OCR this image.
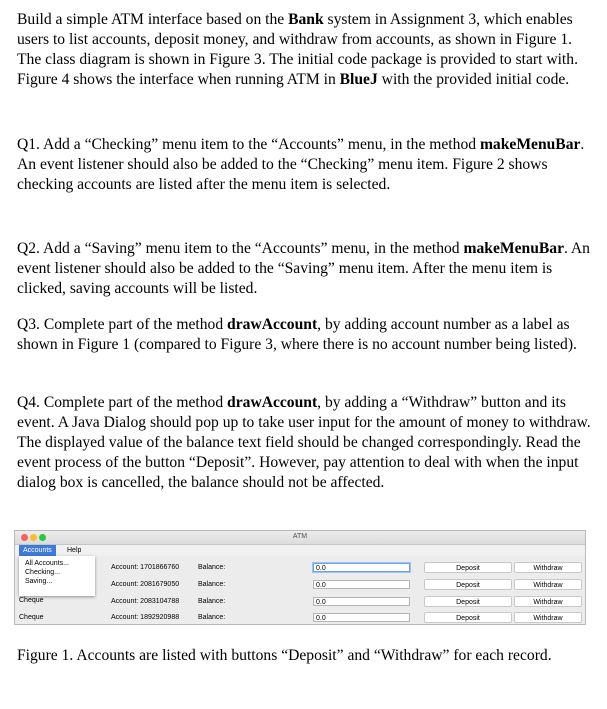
Build a simple ATM interface based on the Bank system in Assignment 3, which enables users to list accounts, deposit money, and withdraw from accounts, as shown in Figure 1. The class diagram is shown in Figure 3. The initial code package is provided to start with. Figure 4 shows the interface when running ATM in BlueJ with the provided initial code.

Q1. Add a “Checking” menu item to the “Accounts” menu, in the method makeMenuBar. An event listener should also be added to the “Checking” menu item. Figure 2 shows checking accounts are listed after the menu item is selected.

Q2. Add a “Saving” menu item to the “Accounts” menu, in the method makeMenuBar. An event listener should also be added to the “Saving” menu item. After the menu item is clicked, saving accounts will be listed.

Q3. Complete part of the method drawAccount, by adding account number as a label as shown in Figure 1 (compared to Figure 3, where there is no account number being listed).

Q4. Complete part of the method drawAccount, by adding a “Withdraw” button and its event. A Java Dialog should pop up to take user input for the amount of money to withdraw. The displayed value of the balance text field should be changed correspondingly. Read the event process of the button “Deposit”. However, pay attention to deal with when the input dialog box is cancelled, the balance should not be affected.

ATM
Accounts	Help
All Accounts...
Checking...
Saving...
Account: 1701866760	Balance:	0.0	Deposit	Withdraw
Account: 2081679050	Balance:	0.0	Deposit	Withdraw
Cheque	Account: 2083104788	Balance:	0.0	Deposit	Withdraw
Cheque	Account: 1892920988	Balance:	0.0	Deposit	Withdraw

Figure 1. Accounts are listed with buttons “Deposit” and “Withdraw” for each record.
